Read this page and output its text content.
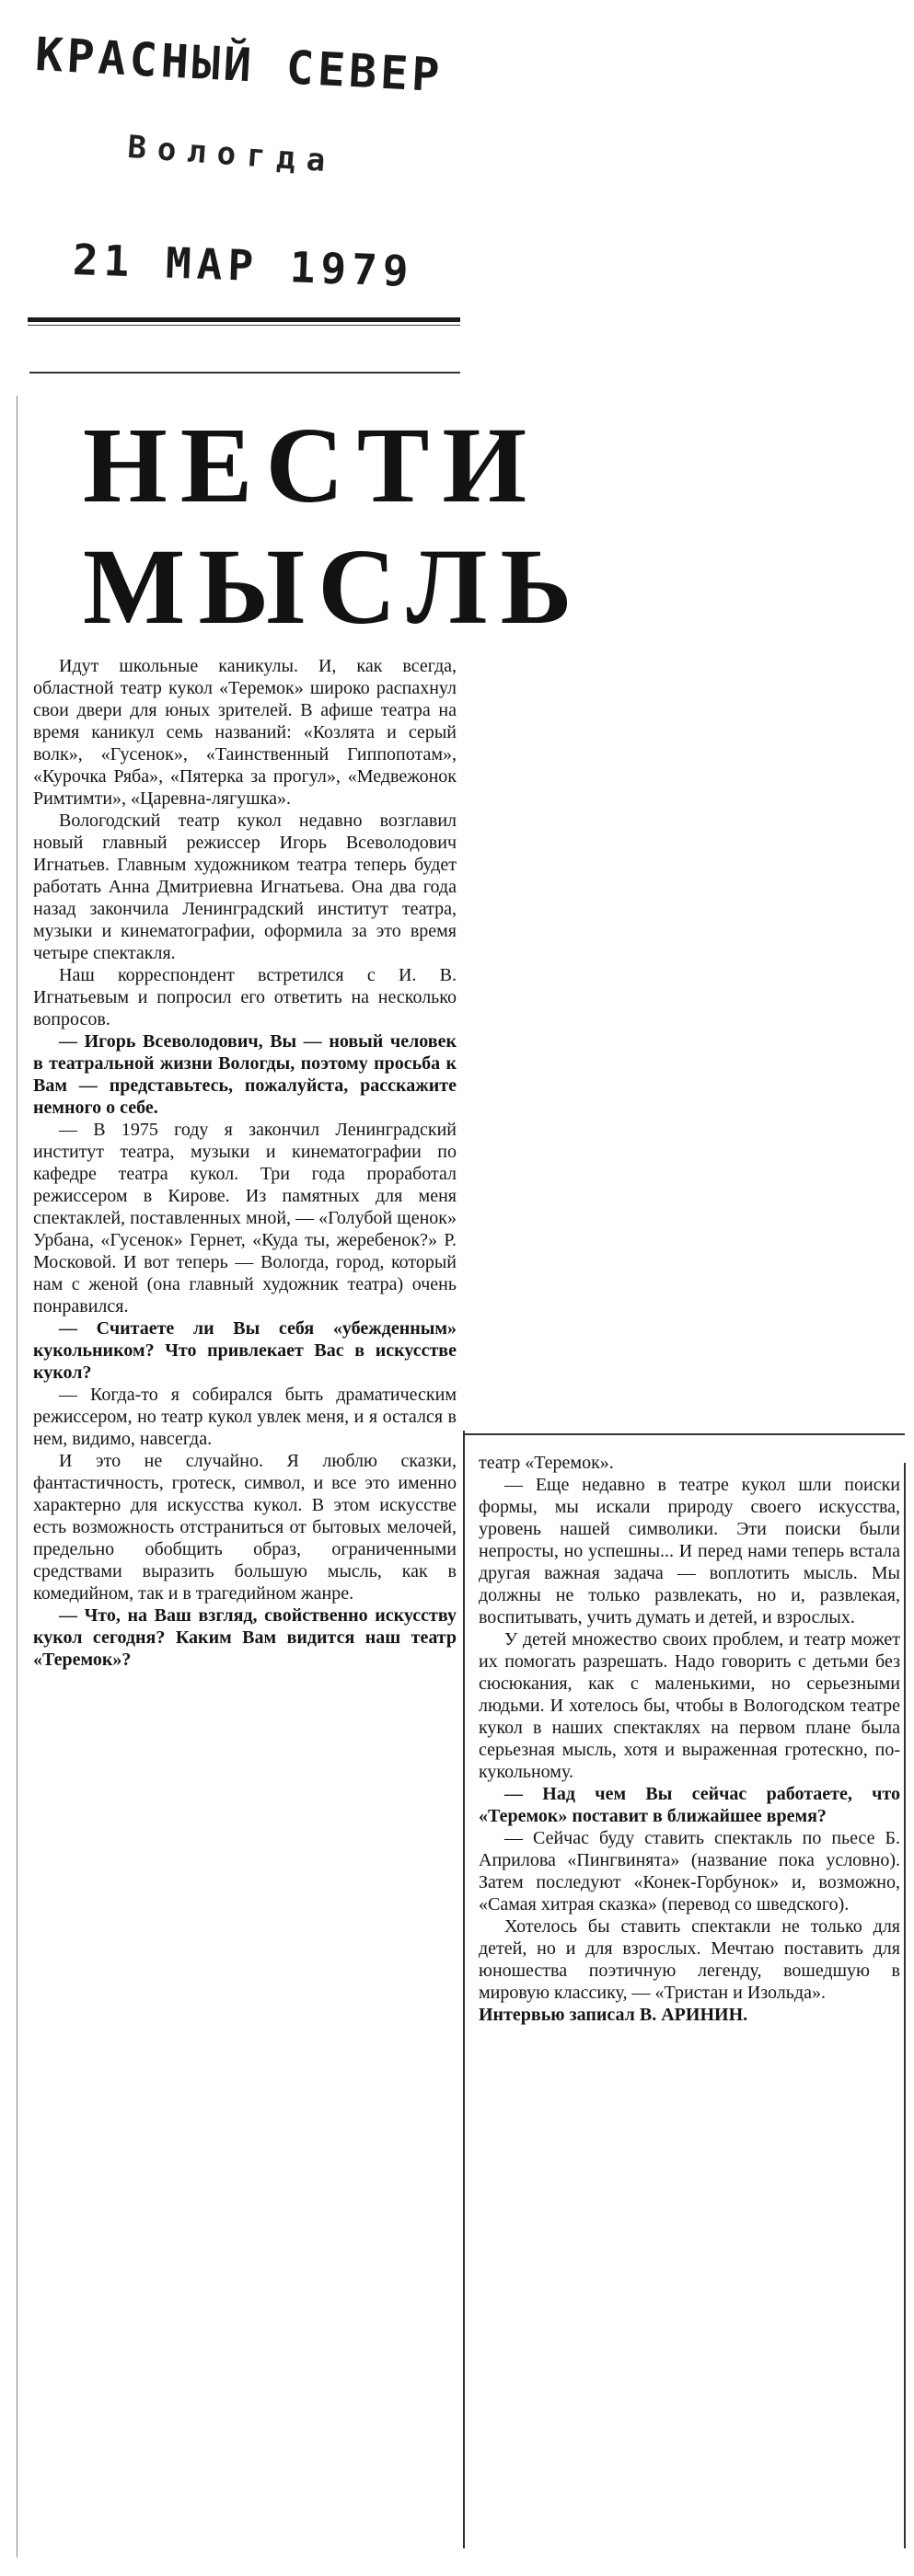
КРАСНЫЙ СЕВЕР
Вологда
21 МАР 1979
НЕСТИ
МЫСЛЬ

Идут школьные каникулы. И, как всегда, областной театр кукол «Теремок» широко распахнул свои двери для юных зрителей. В афише театра на время каникул семь названий: «Козлята и серый волк», «Гусенок», «Таинственный Гиппопотам», «Курочка Ряба», «Пятерка за прогул», «Медвежонок Римтимти», «Царевна-лягушка».

Вологодский театр кукол недавно возглавил новый главный режиссер Игорь Всеволодович Игнатьев. Главным художником театра теперь будет работать Анна Дмитриевна Игнатьева. Она два года назад закончила Ленинградский институт театра, музыки и кинематографии, оформила за это время четыре спектакля.

Наш корреспондент встретился с И. В. Игнатьевым и попросил его ответить на несколько вопросов.

— Игорь Всеволодович, Вы — новый человек в театральной жизни Вологды, поэтому просьба к Вам — представьтесь, пожалуйста, расскажите немного о себе.

— В 1975 году я закончил Ленинградский институт театра, музыки и кинематографии по кафедре театра кукол. Три года проработал режиссером в Кирове. Из памятных для меня спектаклей, поставленных мной, — «Голубой щенок» Урбана, «Гусенок» Гернет, «Куда ты, жеребенок?» Р. Московой. И вот теперь — Вологда, город, который нам с женой (она главный художник театра) очень понравился.

— Считаете ли Вы себя «убежденным» кукольником? Что привлекает Вас в искусстве кукол?

— Когда-то я собирался быть драматическим режиссером, но театр кукол увлек меня, и я остался в нем, видимо, навсегда.

И это не случайно. Я люблю сказки, фантастичность, гротеск, символ, и все это именно характерно для искусства кукол. В этом искусстве есть возможность отстраниться от бытовых мелочей, предельно обобщить образ, ограниченными средствами выразить большую мысль, как в комедийном, так и в трагедийном жанре.

— Что, на Ваш взгляд, свойственно искусству кукол сегодня? Каким Вам видится наш театр «Теремок»?

театр «Теремок».

— Еще недавно в театре кукол шли поиски формы, мы искали природу своего искусства, уровень нашей символики. Эти поиски были непросты, но успешны... И перед нами теперь встала другая важная задача — воплотить мысль. Мы должны не только развлекать, но и, развлекая, воспитывать, учить думать и детей, и взрослых.

У детей множество своих проблем, и театр может их помогать разрешать. Надо говорить с детьми без сюсюкания, как с маленькими, но серьезными людьми. И хотелось бы, чтобы в Вологодском театре кукол в наших спектаклях на первом плане была серьезная мысль, хотя и выраженная гротескно, по-кукольному.

— Над чем Вы сейчас работаете, что «Теремок» поставит в ближайшее время?

— Сейчас буду ставить спектакль по пьесе Б. Априлова «Пингвинята» (название пока условно). Затем последуют «Конек-Горбунок» и, возможно, «Самая хитрая сказка» (перевод со шведского).

Хотелось бы ставить спектакли не только для детей, но и для взрослых. Мечтаю поставить для юношества поэтичную легенду, вошедшую в мировую классику, — «Тристан и Изольда».

Интервью записал В. АРИНИН.
